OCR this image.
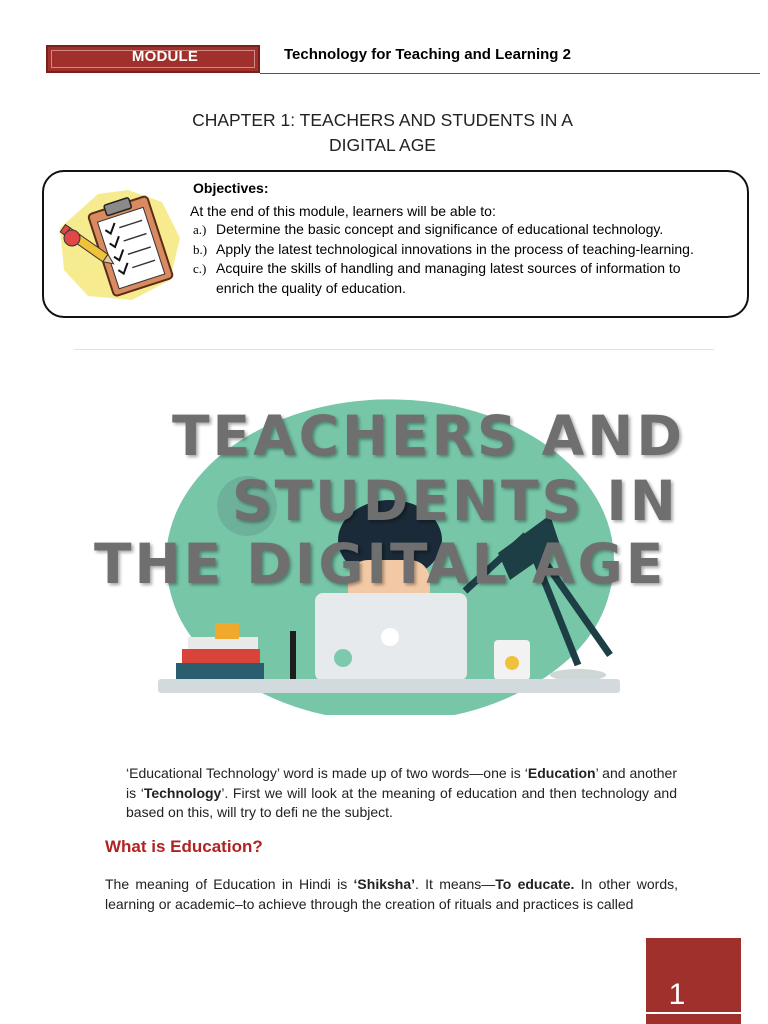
MODULE	Technology for Teaching and Learning 2
CHAPTER 1: TEACHERS AND STUDENTS IN A
DIGITAL AGE
Objectives:
At the end of this module, learners will be able to:
a.) Determine the basic concept and significance of educational technology.
b.) Apply the latest technological innovations in the process of teaching-learning.
c.) Acquire the skills of handling and managing latest sources of information to enrich the quality of education.
TEACHERS AND
STUDENTS IN
THE DIGITAL AGE
‘Educational Technology’ word is made up of two words—one is ‘Education’ and another is ‘Technology’. First we will look at the meaning of education and then technology and based on this, will try to defi ne the subject.
What is Education?
The meaning of Education in Hindi is ‘Shiksha’. It means—To educate. In other words, learning or academic–to achieve through the creation of rituals and practices is called
1
